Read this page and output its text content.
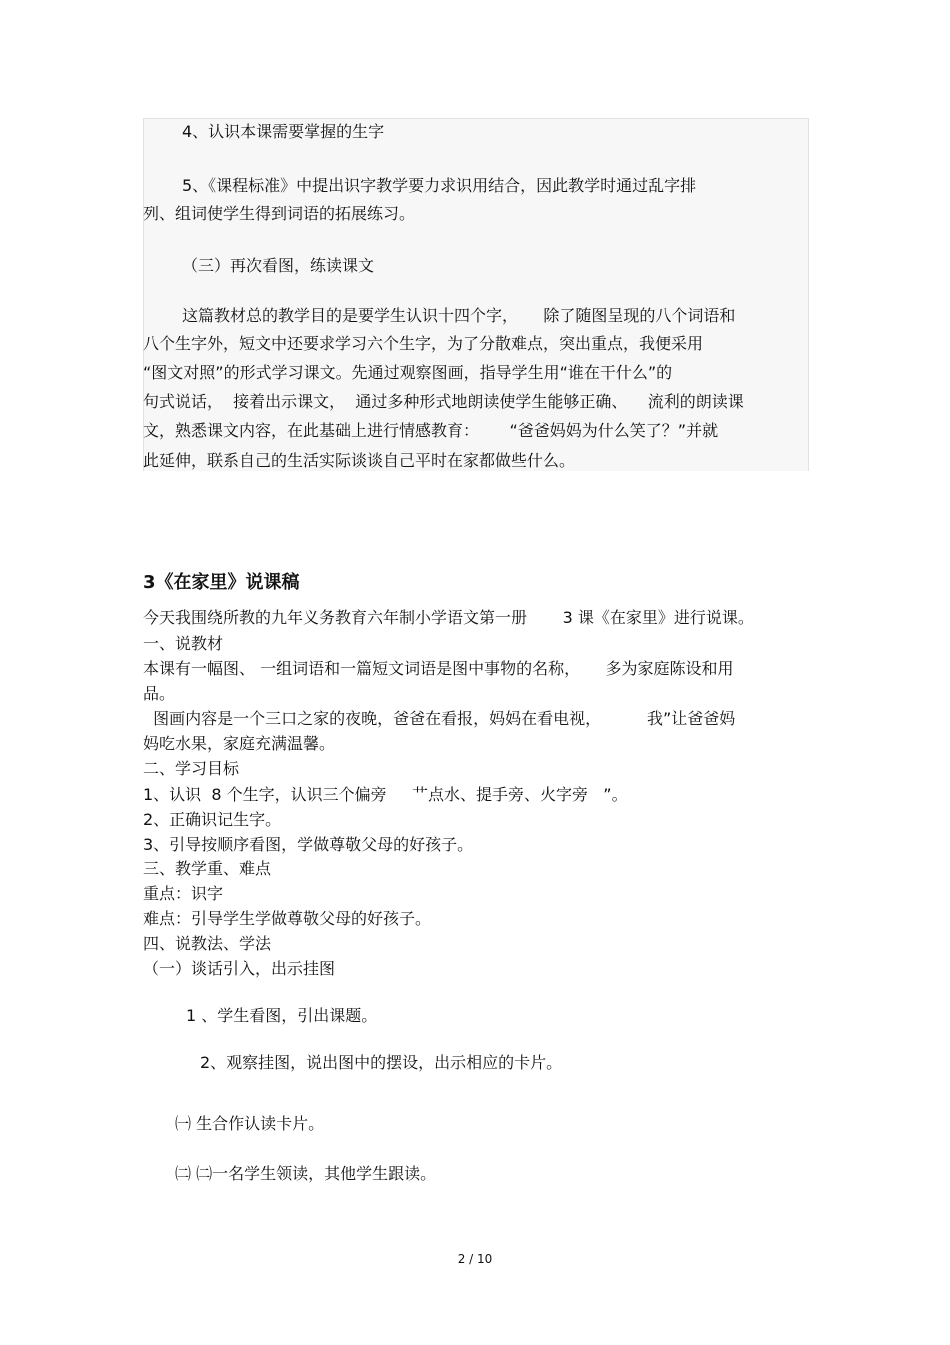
4、认识本课需要掌握的生字
5、《课程标准》中提出识字教学要力求识用结合，因此教学时通过乱字排
列、组词使学生得到词语的拓展练习。
（三）再次看图，练读课文
这篇教材总的教学目的是要学生认识十四个字，     除了随图呈现的八个词语和
八个生字外，短文中还要求学习六个生字，为了分散难点，突出重点，我便采用
“图文对照”的形式学习课文。先通过观察图画，指导学生用“谁在干什么”的
句式说话，  接着出示课文，  通过多种形式地朗读使学生能够正确、    流利的朗读课
文，熟悉课文内容，在此基础上进行情感教育：      “爸爸妈妈为什么笑了？”并就
此延伸，联系自己的生活实际谈谈自己平时在家都做些什么。
3《在家里》说课稿
今天我围绕所教的九年义务教育六年制小学语文第一册       3 课《在家里》进行说课。
一、说教材
本课有一幅图、 一组词语和一篇短文词语是图中事物的名称，     多为家庭陈设和用
品。
图画内容是一个三口之家的夜晚，爸爸在看报，妈妈在看电视，         我”让爸爸妈
妈吃水果，家庭充满温馨。
二、学习目标
1、认识  8 个生字，认识三个偏旁     艹点水、提手旁、火字旁   ”。
2、正确识记生字。
3、引导按顺序看图，学做尊敬父母的好孩子。
三、教学重、难点
重点：识字
难点：引导学生学做尊敬父母的好孩子。
四、说教法、学法
（一）谈话引入，出示挂图
1 、学生看图，引出课题。
2、观察挂图，说出图中的摆设，出示相应的卡片。
㈠ 生合作认读卡片。
㈡ ㈡一名学生领读，其他学生跟读。
2 / 10
